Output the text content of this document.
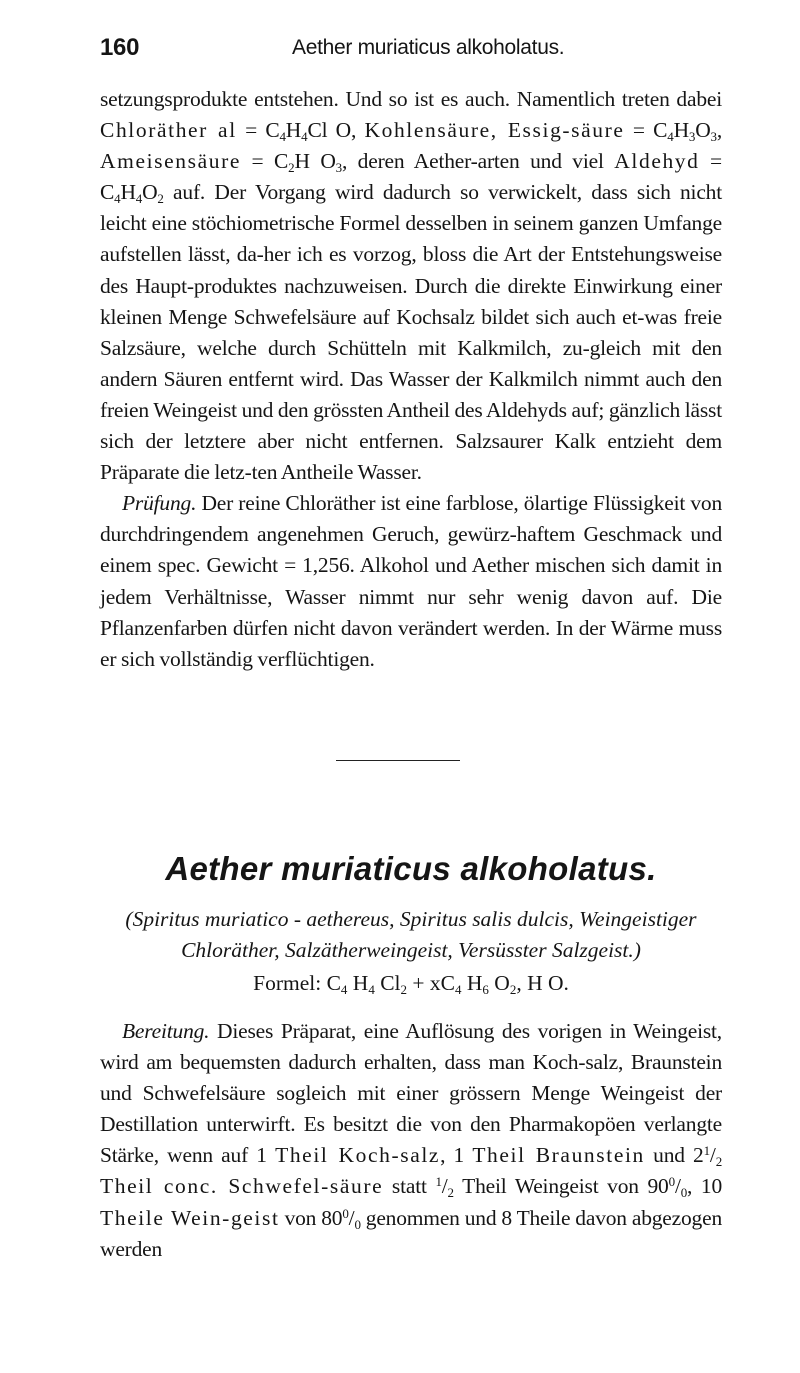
160	Aether muriaticus alkoholatus.

setzungsprodukte entstehen. Und so ist es auch. Namentlich treten dabei Chloräther al = $C_4H_4Cl$ O, Kohlensäure, Essig-säure = $C_4H_3O_3$, Ameisensäure = $C_2H$ $O_3$, deren Aether-arten und viel Aldehyd = $C_4H_4O_2$ auf. Der Vorgang wird dadurch so verwickelt, dass sich nicht leicht eine stöchiometrische Formel desselben in seinem ganzen Umfange aufstellen lässt, da-her ich es vorzog, bloss die Art der Entstehungsweise des Haupt-produktes nachzuweisen. Durch die direkte Einwirkung einer kleinen Menge Schwefelsäure auf Kochsalz bildet sich auch et-was freie Salzsäure, welche durch Schütteln mit Kalkmilch, zu-gleich mit den andern Säuren entfernt wird. Das Wasser der Kalkmilch nimmt auch den freien Weingeist und den grössten Antheil des Aldehyds auf; gänzlich lässt sich der letztere aber nicht entfernen. Salzsaurer Kalk entzieht dem Präparate die letz-ten Antheile Wasser.

Prüfung. Der reine Chloräther ist eine farblose, ölartige Flüssigkeit von durchdringendem angenehmen Geruch, gewürz-haftem Geschmack und einem spec. Gewicht = 1,256. Alkohol und Aether mischen sich damit in jedem Verhältnisse, Wasser nimmt nur sehr wenig davon auf. Die Pflanzenfarben dürfen nicht davon verändert werden. In der Wärme muss er sich vollständig verflüchtigen.

Aether muriaticus alkoholatus.
(Spiritus muriatico - aethereus, Spiritus salis dulcis, Weingeistiger
Chloräther, Salzätherweingeist, Versüsster Salzgeist.)
Formel: $C_4$ $H_4$ $Cl_2 + xC_4$ $H_6$ $O_2$, H O.

Bereitung. Dieses Präparat, eine Auflösung des vorigen in Weingeist, wird am bequemsten dadurch erhalten, dass man Koch-salz, Braunstein und Schwefelsäure sogleich mit einer grössern Menge Weingeist der Destillation unterwirft. Es besitzt die von den Pharmakopöen verlangte Stärke, wenn auf 1 Theil Koch-salz, 1 Theil Braunstein und $2^1/_2$ Theil conc. Schwefel-säure statt $^1/_2$ Theil Weingeist von $90^0/_0$, 10 Theile Wein-geist von $80^0/_0$ genommen und 8 Theile davon abgezogen werden
